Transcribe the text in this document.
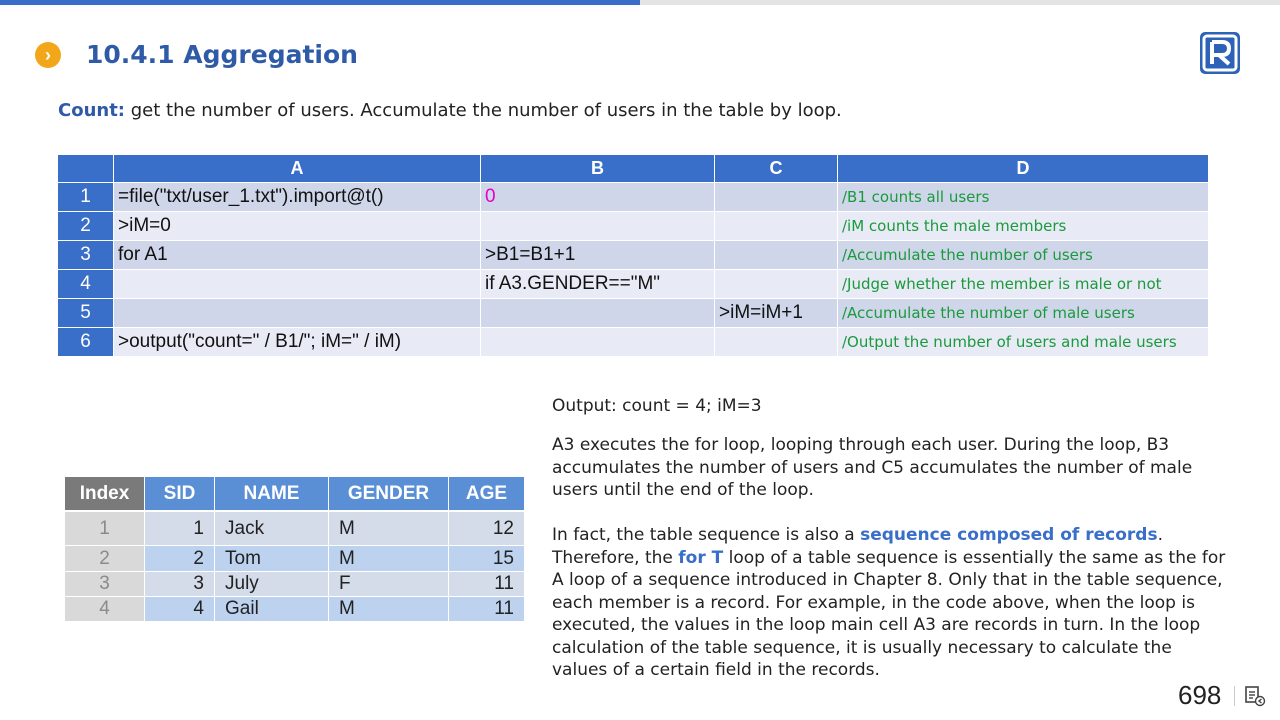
›	10.4.1 Aggregation
Count: get the number of users. Accumulate the number of users in the table by loop.
	A	B	C	D
1	=file("txt/user_1.txt").import@t()	0		/B1 counts all users
2	>iM=0			/iM counts the male members
3	for A1	>B1=B1+1		/Accumulate the number of users
4		if A3.GENDER=="M"		/Judge whether the member is male or not
5			>iM=iM+1	/Accumulate the number of male users
6	>output("count=" / B1/"; iM=" / iM)			/Output the number of users and male users
Output: count = 4; iM=3
A3 executes the for loop, looping through each user. During the loop, B3 accumulates the number of users and C5 accumulates the number of male users until the end of the loop.
In fact, the table sequence is also a sequence composed of records. Therefore, the for T loop of a table sequence is essentially the same as the for A loop of a sequence introduced in Chapter 8. Only that in the table sequence, each member is a record. For example, in the code above, when the loop is executed, the values in the loop main cell A3 are records in turn. In the loop calculation of the table sequence, it is usually necessary to calculate the values of a certain field in the records.
Index	SID	NAME	GENDER	AGE
1	1	Jack	M	12
2	2	Tom	M	15
3	3	July	F	11
4	4	Gail	M	11
698
